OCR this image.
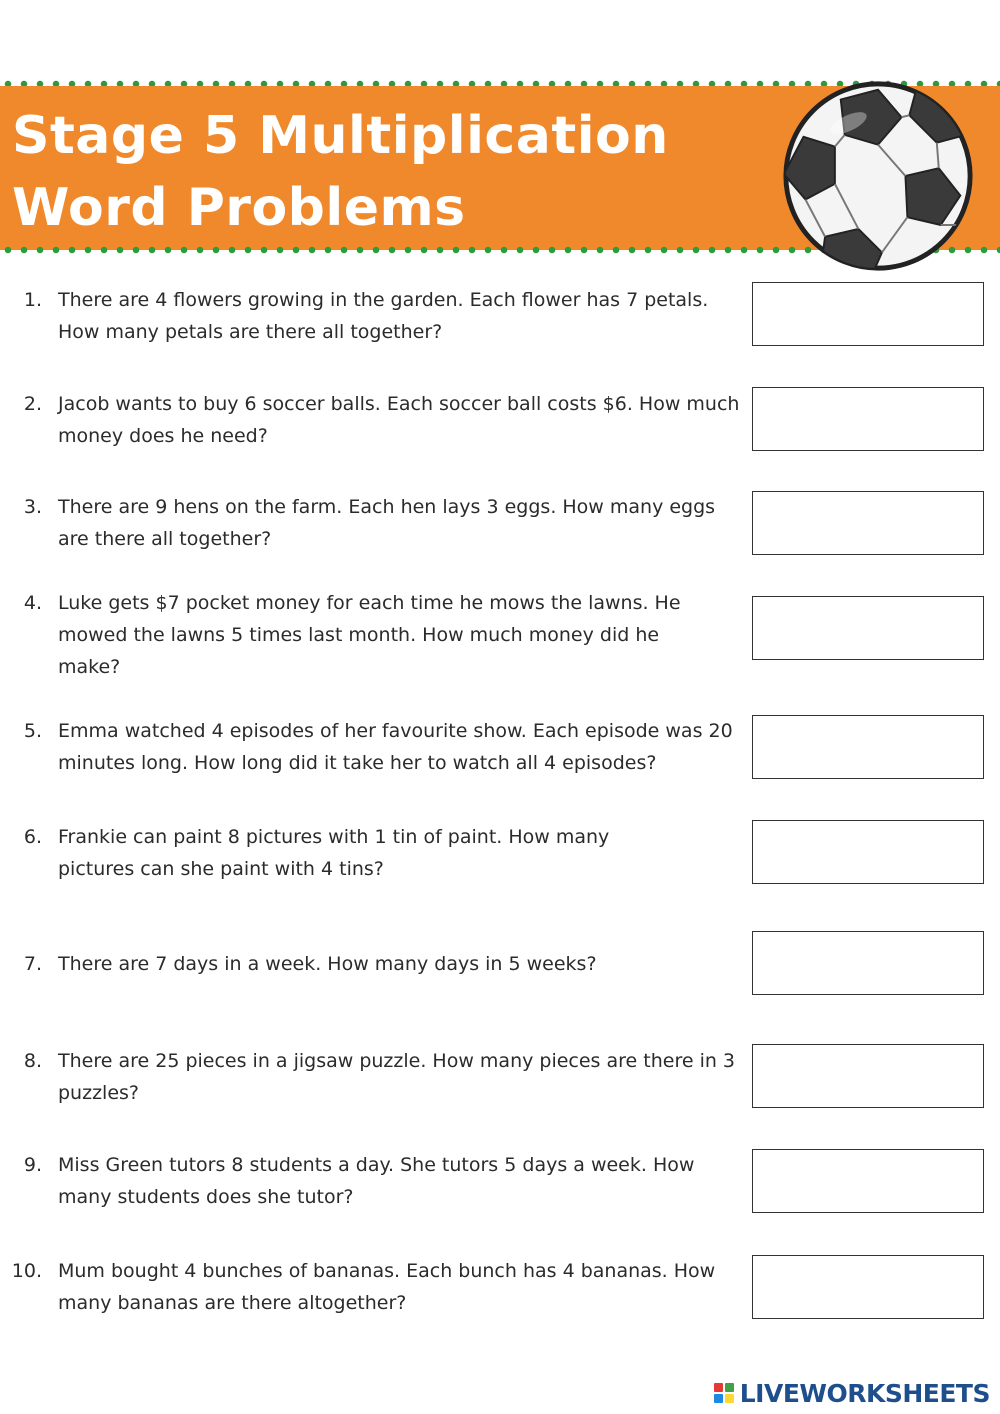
Stage 5 Multiplication
Word Problems
1. There are 4 flowers growing in the garden. Each flower has 7 petals. How many petals are there all together?
2. Jacob wants to buy 6 soccer balls. Each soccer ball costs $6. How much money does he need?
3. There are 9 hens on the farm. Each hen lays 3 eggs. How many eggs are there all together?
4. Luke gets $7 pocket money for each time he mows the lawns. He mowed the lawns 5 times last month. How much money did he make?
5. Emma watched 4 episodes of her favourite show. Each episode was 20 minutes long. How long did it take her to watch all 4 episodes?
6. Frankie can paint 8 pictures with 1 tin of paint. How many pictures can she paint with 4 tins?
7. There are 7 days in a week. How many days in 5 weeks?
8. There are 25 pieces in a jigsaw puzzle. How many pieces are there in 3 puzzles?
9. Miss Green tutors 8 students a day. She tutors 5 days a week. How many students does she tutor?
10. Mum bought 4 bunches of bananas. Each bunch has 4 bananas. How many bananas are there altogether?
LIVEWORKSHEETS
